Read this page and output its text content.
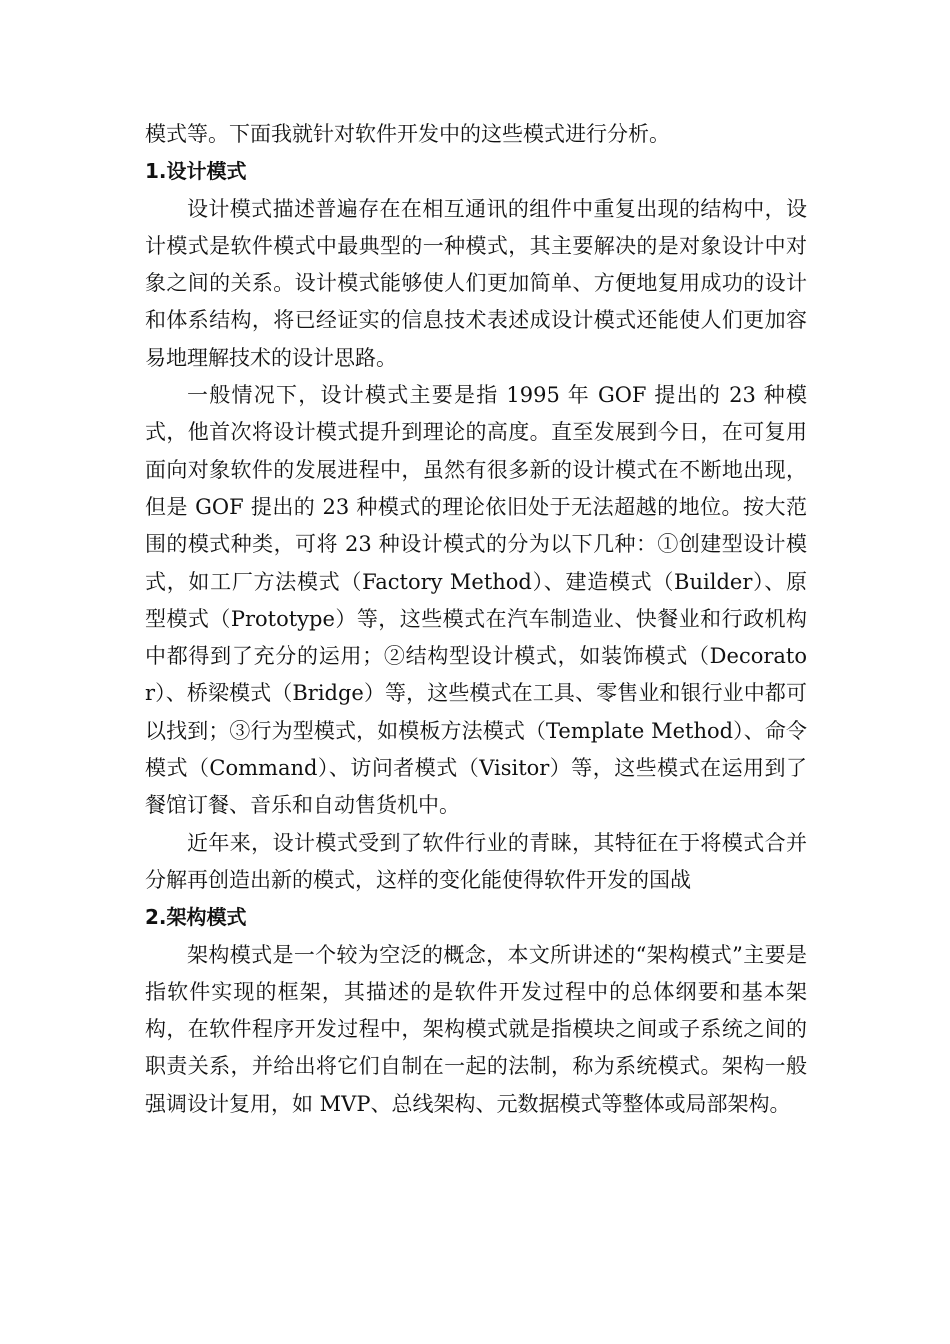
模式等。下面我就针对软件开发中的这些模式进行分析。

1.设计模式

设计模式描述普遍存在在相互通讯的组件中重复出现的结构中，设计模式是软件模式中最典型的一种模式，其主要解决的是对象设计中对象之间的关系。设计模式能够使人们更加简单、方便地复用成功的设计和体系结构，将已经证实的信息技术表述成设计模式还能使人们更加容易地理解技术的设计思路。

一般情况下，设计模式主要是指 1995 年 GOF 提出的 23 种模式，他首次将设计模式提升到理论的高度。直至发展到今日，在可复用面向对象软件的发展进程中，虽然有很多新的设计模式在不断地出现，但是 GOF 提出的 23 种模式的理论依旧处于无法超越的地位。按大范围的模式种类，可将 23 种设计模式的分为以下几种：①创建型设计模式，如工厂方法模式（Factory Method）、建造模式（Builder）、原型模式（Prototype）等，这些模式在汽车制造业、快餐业和行政机构中都得到了充分的运用；②结构型设计模式，如装饰模式（Decorator）、桥梁模式（Bridge）等，这些模式在工具、零售业和银行业中都可以找到；③行为型模式，如模板方法模式（Template Method）、命令模式（Command）、访问者模式（Visitor）等，这些模式在运用到了餐馆订餐、音乐和自动售货机中。

近年来，设计模式受到了软件行业的青睐，其特征在于将模式合并分解再创造出新的模式，这样的变化能使得软件开发的国战

2.架构模式

架构模式是一个较为空泛的概念，本文所讲述的“架构模式”主要是指软件实现的框架，其描述的是软件开发过程中的总体纲要和基本架构，在软件程序开发过程中，架构模式就是指模块之间或子系统之间的职责关系，并给出将它们自制在一起的法制，称为系统模式。架构一般强调设计复用，如 MVP、总线架构、元数据模式等整体或局部架构。
